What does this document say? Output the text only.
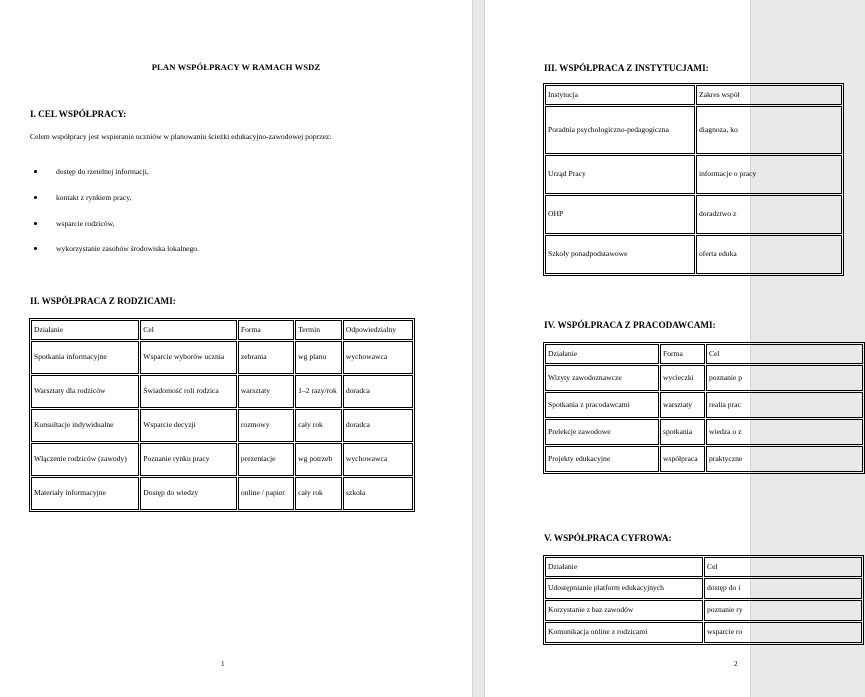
PLAN WSPÓŁPRACY W RAMACH WSDZ
I. CEL WSPÓŁPRACY:
Celem współpracy jest wspieranie uczniów w planowaniu ścieżki edukacyjno-zawodowej poprzez:
dostęp do rzetelnej informacji,
kontakt z rynkiem pracy,
wsparcie rodziców,
wykorzystanie zasobów środowiska lokalnego.
II. WSPÓŁPRACA Z RODZICAMI:
Działanie	Cel	Forma	Termin	Odpowiedzialny
Spotkania informacyjne	Wsparcie wyborów ucznia	zebrania	wg planu	wychowawca
Warsztaty dla rodziców	Świadomość roli rodzica	warsztaty	1–2 razy/rok	doradca
Konsultacje indywidualne	Wsparcie decyzji	rozmowy	cały rok	doradca
Włączenie rodziców (zawody)	Poznanie rynku pracy	prezentacje	wg potrzeb	wychowawca
Materiały informacyjne	Dostęp do wiedzy	online / papier	cały rok	szkoła
1
III. WSPÓŁPRACA Z INSTYTUCJAMI:
Instytucja	Zakres współ
Poradnia psychologiczno-pedagogiczna	diagnoza, ko
Urząd Pracy	informacje o pracy
OHP	doradztwo z
Szkoły ponadpodstawowe	oferta eduka
IV. WSPÓŁPRACA Z PRACODAWCAMI:
Działanie	Forma	Cel
Wizyty zawodoznawcze	wycieczki	poznanie p
Spotkania z pracodawcami	warsztaty	realia prac
Prelekcje zawodowe	spotkania	wiedza o z
Projekty edukacyjne	współpraca	praktyczne
V. WSPÓŁPRACA CYFROWA:
Działanie	Cel
Udostępnianie platform edukacyjnych	dostęp do i
Korzystanie z baz zawodów	poznanie ry
Komunikacja online z rodzicami	wsparcie ro
2
